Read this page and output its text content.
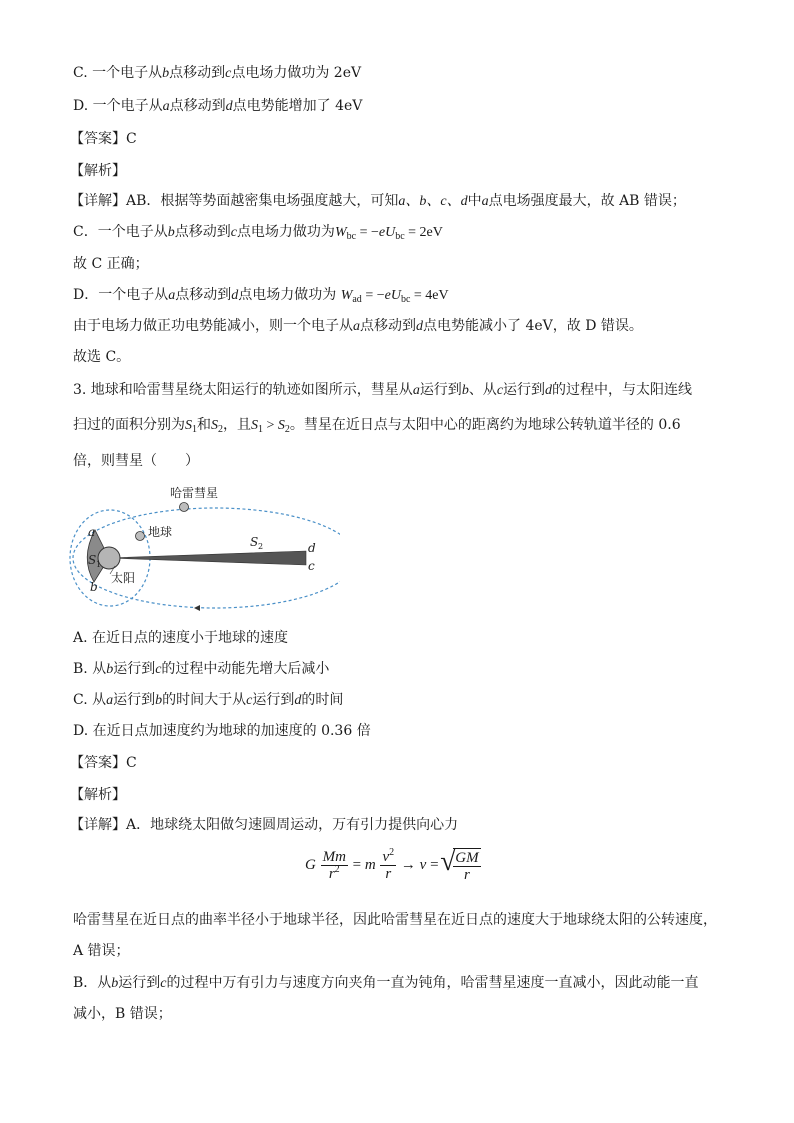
C. 一个电子从b点移动到c点电场力做功为 2eV
D. 一个电子从a点移动到d点电势能增加了 4eV
【答案】C
【解析】
【详解】AB．根据等势面越密集电场强度越大，可知a、b、c、d中a点电场强度最大，故 AB 错误；
C．一个电子从b点移动到c点电场力做功为$W_{bc} = -eU_{bc} = 2eV$
故 C 正确；
D．一个电子从a点移动到d点电场力做功为 $W_{ad} = -eU_{bc} = 4eV$
由于电场力做正功电势能减小，则一个电子从a点移动到d点电势能减小了 4eV，故 D 错误。
故选 C。
3. 地球和哈雷彗星绕太阳运行的轨迹如图所示，彗星从a运行到b、从c运行到d的过程中，与太阳连线
扫过的面积分别为$S_1$和$S_2$，且$S_1 > S_2$。彗星在近日点与太阳中心的距离约为地球公转轨道半径的 0.6
倍，则彗星（　　）
哈雷彗星
地球
太阳
a
b
c
d
S 1
S 2
A. 在近日点的速度小于地球的速度
B. 从b运行到c的过程中动能先增大后减小
C. 从a运行到b的时间大于从c运行到d的时间
D. 在近日点加速度约为地球的加速度的 0.36 倍
【答案】C
【解析】
【详解】A．地球绕太阳做匀速圆周运动，万有引力提供向心力
G $\frac{Mm}{r^2} = m \frac{v^2}{r} \to v$ = √
$\frac{GM}{r}$
哈雷彗星在近日点的曲率半径小于地球半径，因此哈雷彗星在近日点的速度大于地球绕太阳的公转速度，
A 错误；
B．从b运行到c的过程中万有引力与速度方向夹角一直为钝角，哈雷彗星速度一直减小，因此动能一直
减小，B 错误；
